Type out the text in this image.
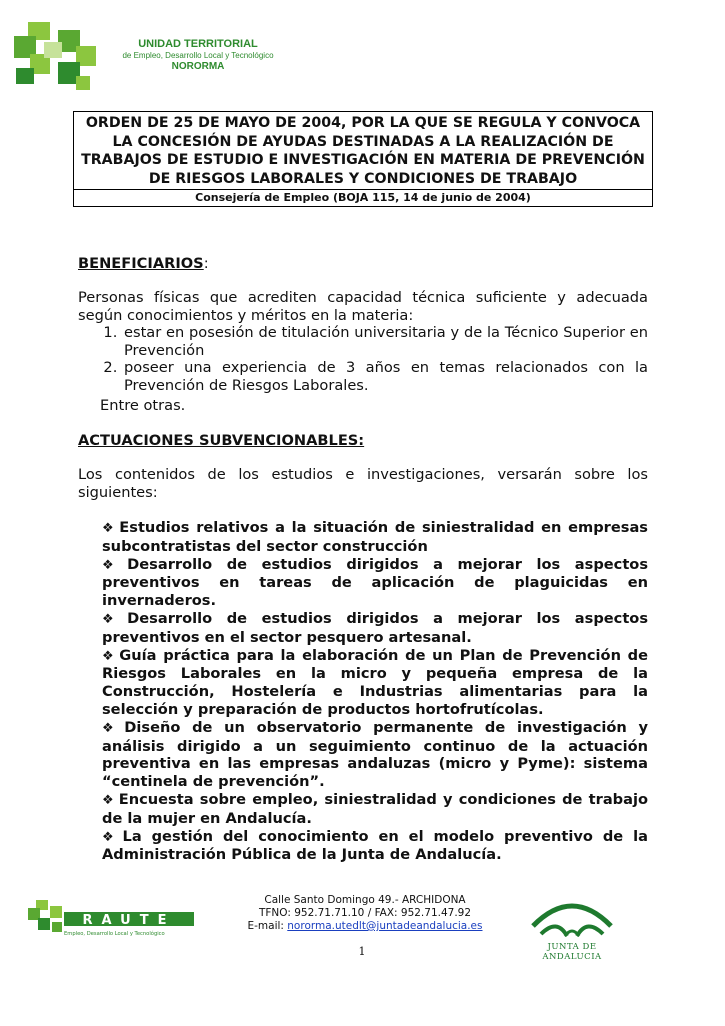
UNIDAD TERRITORIAL
de Empleo, Desarrollo Local y Tecnológico
NORORMA
ORDEN DE 25 DE MAYO DE 2004, POR LA QUE SE REGULA Y CONVOCA LA CONCESIÓN DE AYUDAS DESTINADAS A LA REALIZACIÓN DE TRABAJOS DE ESTUDIO E INVESTIGACIÓN EN MATERIA DE PREVENCIÓN DE RIESGOS LABORALES Y CONDICIONES DE TRABAJO
Consejería de Empleo (BOJA 115, 14 de junio de 2004)
BENEFICIARIOS:
Personas físicas que acrediten capacidad técnica suficiente y adecuada según conocimientos y méritos en la materia:
1. estar en posesión de titulación universitaria y de la Técnico Superior en Prevención
2. poseer una experiencia de 3 años en temas relacionados con la Prevención de Riesgos Laborales.
Entre otras.
ACTUACIONES SUBVENCIONABLES:
Los contenidos de los estudios e investigaciones, versarán sobre los siguientes:
❖ Estudios relativos a la situación de siniestralidad en empresas subcontratistas del sector construcción
❖ Desarrollo de estudios dirigidos a mejorar los aspectos preventivos en tareas de aplicación de plaguicidas en invernaderos.
❖ Desarrollo de estudios dirigidos a mejorar los aspectos preventivos en el sector pesquero artesanal.
❖ Guía práctica para la elaboración de un Plan de Prevención de Riesgos Laborales en la micro y pequeña empresa de la Construcción, Hostelería e Industrias alimentarias para la selección y preparación de productos hortofrutícolas.
❖ Diseño de un observatorio permanente de investigación y análisis dirigido a un seguimiento continuo de la actuación preventiva en las empresas andaluzas (micro y Pyme): sistema “centinela de prevención”.
❖ Encuesta sobre empleo, siniestralidad y condiciones de trabajo de la mujer en Andalucía.
❖ La gestión del conocimiento en el modelo preventivo de la Administración Pública de la Junta de Andalucía.
RAUTE
Empleo, Desarrollo Local y Tecnológico
Calle Santo Domingo 49.- ARCHIDONA
TFNO: 952.71.71.10 / FAX: 952.71.47.92
E-mail: nororma.utedlt@juntadeandalucia.es
1	JUNTA DE ANDALUCIA
